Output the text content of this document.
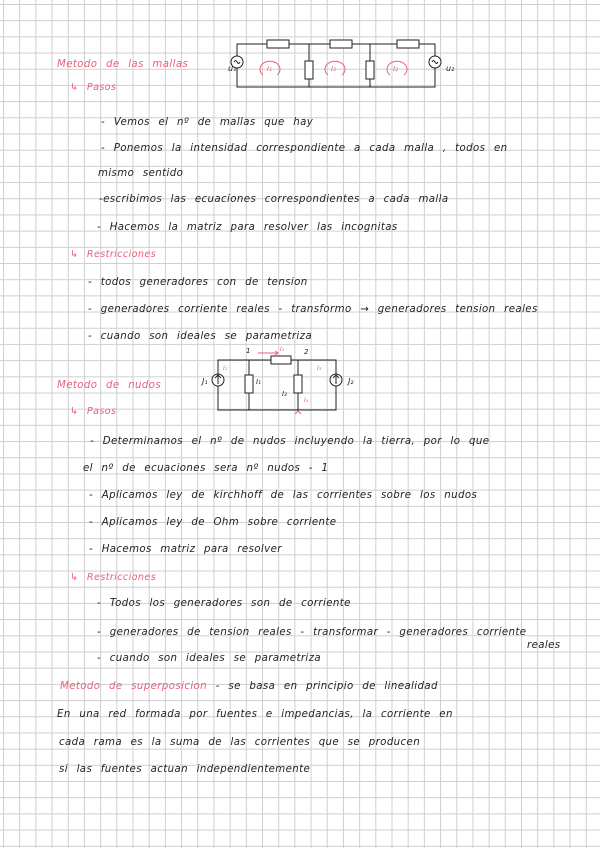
Metodo de las mallas
↳ Pasos
u₁	u₂
I₁	I₂	I₂
- Vemos el nº de mallas que hay
- Ponemos la intensidad correspondiente a cada malla , todos en
mismo sentido
-escribimos las ecuaciones correspondientes a cada malla
- Hacemos la matriz para resolver las incognitas
↳ Restricciones
- todos generadores con de tension
- generadores corriente reales - transformo → generadores tension reales
- cuando son ideales se parametriza
1	2
I₁
I₂	I₃
I₄
I₁
I₃
J₁	J₂
Metodo de nudos
↳ Pasos
- Determinamos el nº de nudos incluyendo la tierra, por lo que
el nº de ecuaciones sera nº nudos - 1
- Aplicamos ley de kirchhoff de las corrientes sobre los nudos
- Aplicamos ley de Ohm sobre corriente
- Hacemos matriz para resolver
↳ Restricciones
- Todos los generadores son de corriente
- generadores de tension reales - transformar - generadores corriente
reales
- cuando son ideales se parametriza
Metodo de superposicion - se basa en principio de linealidad
En una red formada por fuentes e impedancias, la corriente en
cada rama es la suma de las corrientes que se producen
si las fuentes actuan independientemente
